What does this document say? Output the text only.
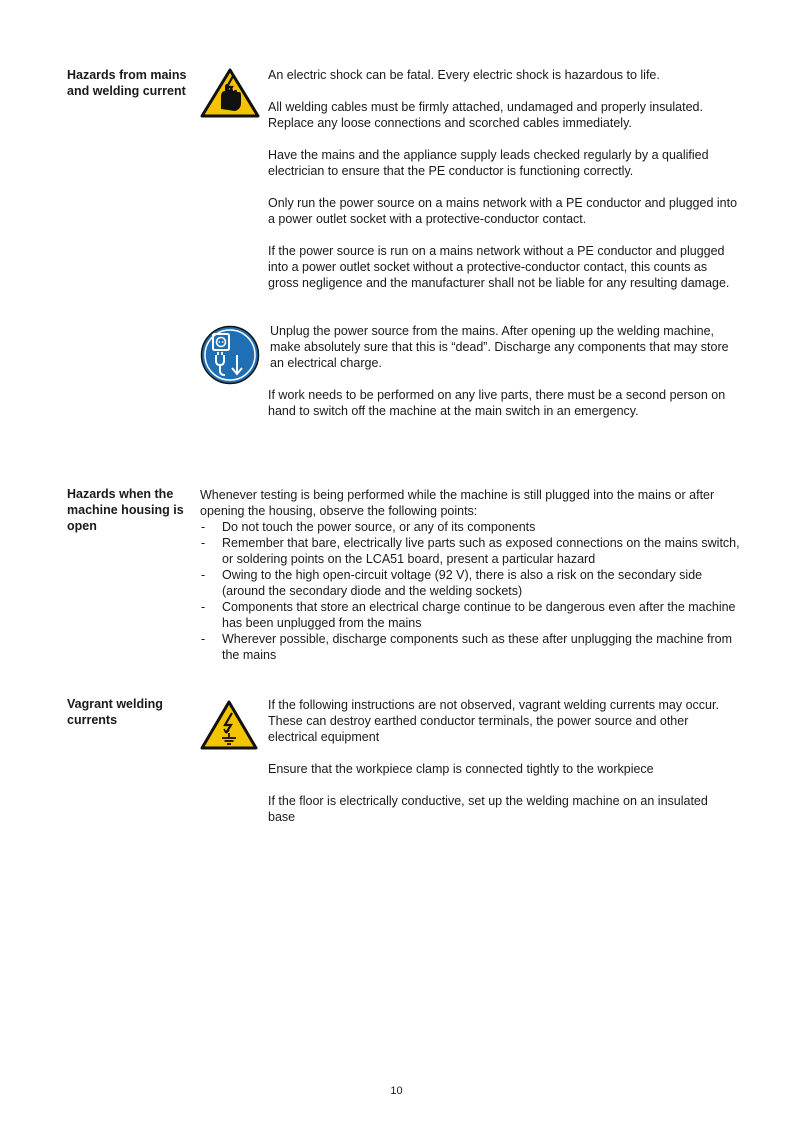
Hazards from mains and welding current

An electric shock can be fatal. Every electric shock is hazardous to life.

All welding cables must be firmly attached, undamaged and properly insulated. Replace any loose connections and scorched cables immediately.

Have the mains and the appliance supply leads checked regularly by a qualified electrician to ensure that the PE conductor is functioning correctly.

Only run the power source on a mains network with a PE conductor and plugged into a power outlet socket with a protective-conductor contact.

If the power source is run on a mains network without a PE conductor and plugged into a power outlet socket without a protective-conductor contact, this counts as gross negligence and the manufacturer shall not be liable for any resulting damage.

Unplug the power source from the mains. After opening up the welding machine, make absolutely sure that this is “dead”. Discharge any components that may store an electrical charge.

If work needs to be performed on any live parts, there must be a second person on hand to switch off the machine at the main switch in an emergency.

Hazards when the machine housing is open

Whenever testing is being performed while the machine is still plugged into the mains or after opening the housing, observe the following points:

- Do not touch the power source, or any of its components
- Remember that bare, electrically live parts such as exposed connections on the mains switch, or soldering points on the LCA51 board, present a particular hazard
- Owing to the high open-circuit voltage (92 V), there is also a risk on the secondary side (around the secondary diode and the welding sockets)
- Components that store an electrical charge continue to be dangerous even after the machine has been unplugged from the mains
- Wherever possible, discharge components such as these after unplugging the machine from the mains
Vagrant welding currents

If the following instructions are not observed, vagrant welding currents may occur. These can destroy earthed conductor terminals, the power source and other electrical equipment

Ensure that the workpiece clamp is connected tightly to the workpiece

If the floor is electrically conductive, set up the welding machine on an insulated base

10
